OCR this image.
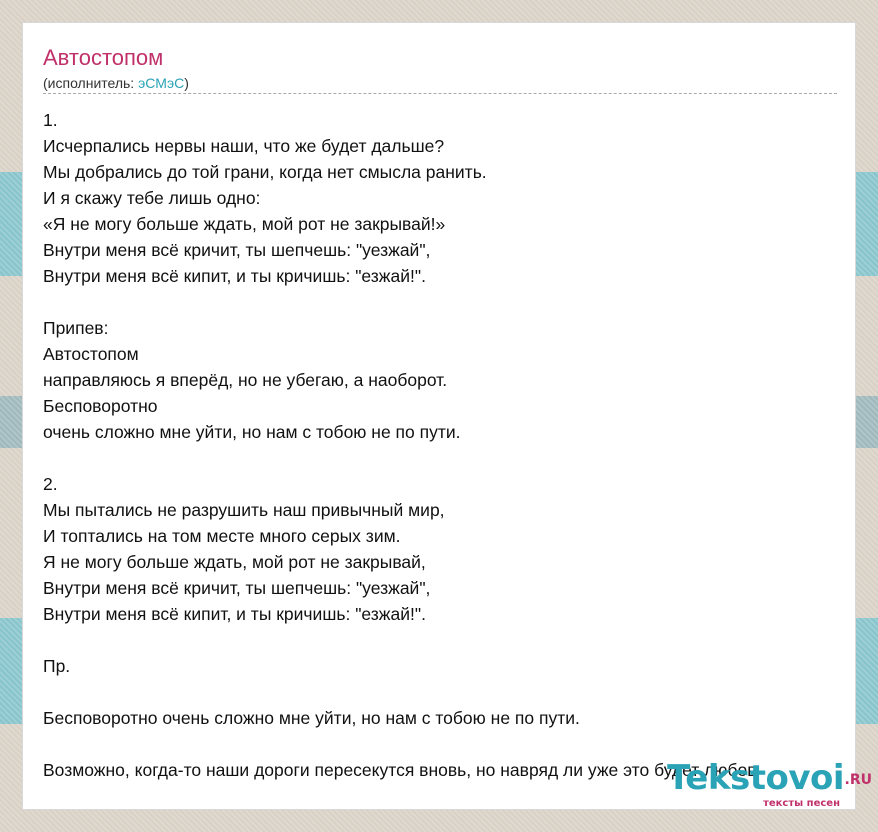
Автостопом
(исполнитель: эСМэС)
1.
Исчерпались нервы наши, что же будет дальше?
Мы добрались до той грани, когда нет смысла ранить.
И я скажу тебе лишь одно:
«Я не могу больше ждать, мой рот не закрывай!»
Внутри меня всё кричит, ты шепчешь: "уезжай",
Внутри меня всё кипит, и ты кричишь: "езжай!".
Припев:
Автостопом
направляюсь я вперёд, но не убегаю, а наоборот.
Бесповоротно
очень сложно мне уйти, но нам с тобою не по пути.
2.
Мы пытались не разрушить наш привычный мир,
И топтались на том месте много серых зим.
Я не могу больше ждать, мой рот не закрывай,
Внутри меня всё кричит, ты шепчешь: "уезжай",
Внутри меня всё кипит, и ты кричишь: "езжай!".
Пр.
Бесповоротно очень сложно мне уйти, но нам с тобою не по пути.
Возможно, когда-то наши дороги пересекутся вновь, но навряд ли уже это будет любов
Tekstovoi .RU
тексты песен
